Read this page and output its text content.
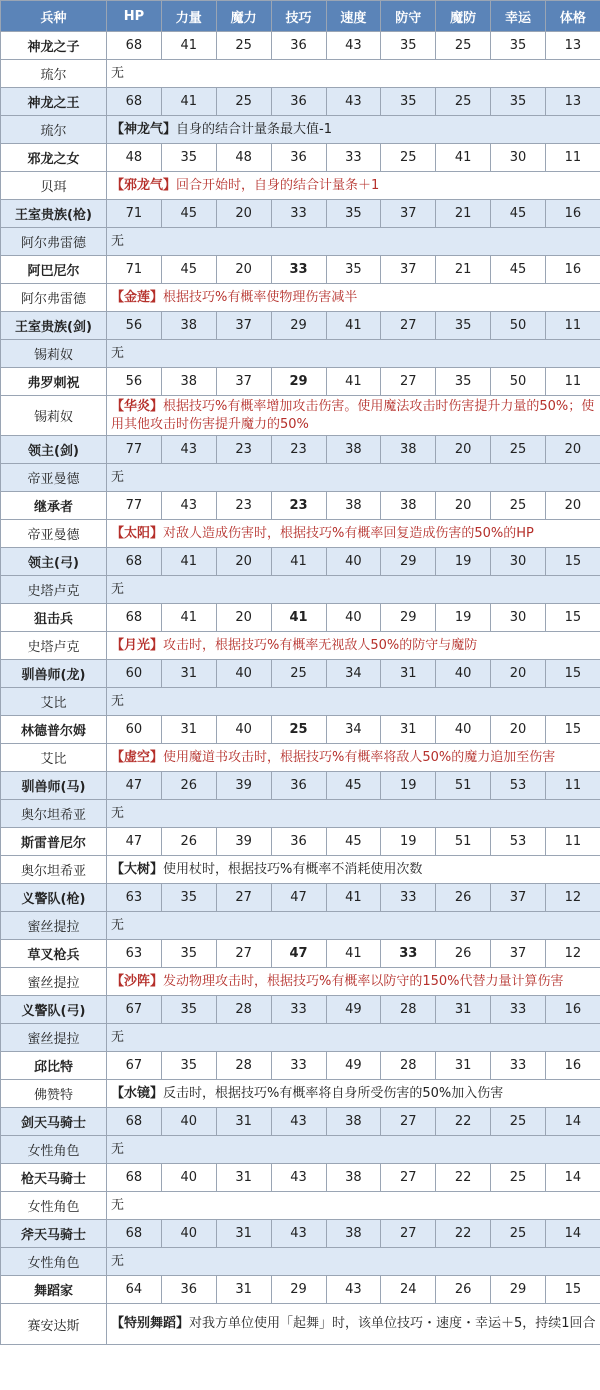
兵种	HP	力量	魔力	技巧	速度	防守	魔防	幸运	体格
神龙之子	68	41	25	36	43	35	25	35	13
琉尔	无								
神龙之王	68	41	25	36	43	35	25	35	13
琉尔	【神龙气】自身的结合计量条最大值-1								
邪龙之女	48	35	48	36	33	25	41	30	11
贝珥	【邪龙气】回合开始时，自身的结合计量条＋1								
王室贵族(枪)	71	45	20	33	35	37	21	45	16
阿尔弗雷德	无								
阿巴尼尔	71	45	20	33	35	37	21	45	16
阿尔弗雷德	【金莲】根据技巧%有概率使物理伤害减半								
王室贵族(剑)	56	38	37	29	41	27	35	50	11
锡莉奴	无								
弗罗刺祝	56	38	37	29	41	27	35	50	11
锡莉奴	【华炎】根据技巧%有概率增加攻击伤害。使用魔法攻击时伤害提升力量的50%；使用其他攻击时伤害提升魔力的50%								
领主(剑)	77	43	23	23	38	38	20	25	20
帝亚曼德	无								
继承者	77	43	23	23	38	38	20	25	20
帝亚曼德	【太阳】对敌人造成伤害时，根据技巧%有概率回复造成伤害的50%的HP								
领主(弓)	68	41	20	41	40	29	19	30	15
史塔卢克	无								
狙击兵	68	41	20	41	40	29	19	30	15
史塔卢克	【月光】攻击时，根据技巧%有概率无视敌人50%的防守与魔防								
驯兽师(龙)	60	31	40	25	34	31	40	20	15
艾比	无								
林德普尔姆	60	31	40	25	34	31	40	20	15
艾比	【虚空】使用魔道书攻击时，根据技巧%有概率将敌人50%的魔力追加至伤害								
驯兽师(马)	47	26	39	36	45	19	51	53	11
奥尔坦希亚	无								
斯雷普尼尔	47	26	39	36	45	19	51	53	11
奥尔坦希亚	【大树】使用杖时，根据技巧%有概率不消耗使用次数								
义警队(枪)	63	35	27	47	41	33	26	37	12
蜜丝提拉	无								
草叉枪兵	63	35	27	47	41	33	26	37	12
蜜丝提拉	【沙阵】发动物理攻击时，根据技巧%有概率以防守的150%代替力量计算伤害								
义警队(弓)	67	35	28	33	49	28	31	33	16
蜜丝提拉	无								
邱比特	67	35	28	33	49	28	31	33	16
佛赞特	【水镜】反击时，根据技巧%有概率将自身所受伤害的50%加入伤害								
剑天马骑士	68	40	31	43	38	27	22	25	14
女性角色	无								
枪天马骑士	68	40	31	43	38	27	22	25	14
女性角色	无								
斧天马骑士	68	40	31	43	38	27	22	25	14
女性角色	无								
舞蹈家	64	36	31	29	43	24	26	29	15
赛安达斯	【特别舞蹈】对我方单位使用「起舞」时，该单位技巧・速度・幸运＋5，持续1回合								
